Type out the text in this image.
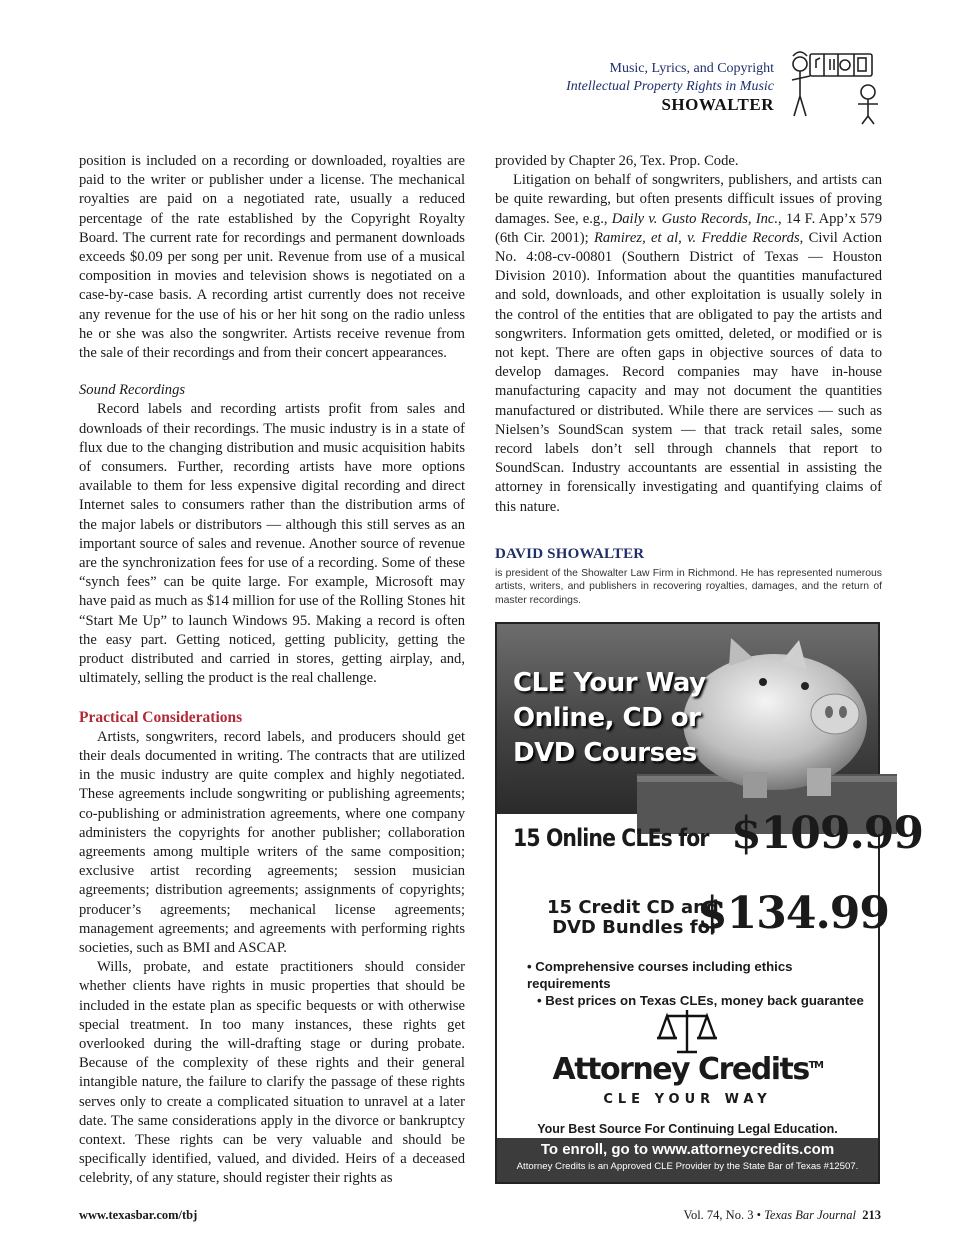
Music, Lyrics, and Copyright
Intellectual Property Rights in Music
SHOWALTER

position is included on a recording or downloaded, royalties are paid to the writer or publisher under a license. The mechanical royalties are paid on a negotiated rate, usually a reduced percentage of the rate established by the Copyright Royalty Board. The current rate for recordings and permanent downloads exceeds $0.09 per song per unit. Revenue from use of a musical composition in movies and television shows is negotiated on a case-by-case basis. A recording artist currently does not receive any revenue for the use of his or her hit song on the radio unless he or she was also the songwriter. Artists receive revenue from the sale of their recordings and from their concert appearances.

Sound Recordings

Record labels and recording artists profit from sales and downloads of their recordings. The music industry is in a state of flux due to the changing distribution and music acquisition habits of consumers. Further, recording artists have more options available to them for less expensive digital recording and direct Internet sales to consumers rather than the distribution arms of the major labels or distributors — although this still serves as an important source of sales and revenue. Another source of revenue are the synchronization fees for use of a recording. Some of these “synch fees” can be quite large. For example, Microsoft may have paid as much as $14 million for use of the Rolling Stones hit “Start Me Up” to launch Windows 95. Making a record is often the easy part. Getting noticed, getting publicity, getting the product distributed and carried in stores, getting airplay, and, ultimately, selling the product is the real challenge.

Practical Considerations

Artists, songwriters, record labels, and producers should get their deals documented in writing. The contracts that are utilized in the music industry are quite complex and highly negotiated. These agreements include songwriting or publishing agreements; co-publishing or administration agreements, where one company administers the copyrights for another publisher; collaboration agreements among multiple writers of the same composition; exclusive artist recording agreements; session musician agreements; distribution agreements; assignments of copyrights; producer’s agreements; mechanical license agreements; management agreements; and agreements with performing rights societies, such as BMI and ASCAP.

Wills, probate, and estate practitioners should consider whether clients have rights in music properties that should be included in the estate plan as specific bequests or with otherwise special treatment. In too many instances, these rights get overlooked during the will-drafting stage or during probate. Because of the complexity of these rights and their general intangible nature, the failure to clarify the passage of these rights serves only to create a complicated situation to unravel at a later date. The same considerations apply in the divorce or bankruptcy context. These rights can be very valuable and should be specifically identified, valued, and divided. Heirs of a deceased celebrity, of any stature, should register their rights as

provided by Chapter 26, Tex. Prop. Code.

Litigation on behalf of songwriters, publishers, and artists can be quite rewarding, but often presents difficult issues of proving damages. See, e.g., Daily v. Gusto Records, Inc., 14 F. App’x 579 (6th Cir. 2001); Ramirez, et al, v. Freddie Records, Civil Action No. 4:08-cv-00801 (Southern District of Texas — Houston Division 2010). Information about the quantities manufactured and sold, downloads, and other exploitation is usually solely in the control of the entities that are obligated to pay the artists and songwriters. Information gets omitted, deleted, or modified or is not kept. There are often gaps in objective sources of data to develop damages. Record companies may have in-house manufacturing capacity and may not document the quantities manufactured or distributed. While there are services — such as Nielsen’s SoundScan system — that track retail sales, some record labels don’t sell through channels that report to SoundScan. Industry accountants are essential in assisting the attorney in forensically investigating and quantifying claims of this nature.

DAVID SHOWALTER
is president of the Showalter Law Firm in Richmond. He has represented numerous artists, writers, and publishers in recovering royalties, damages, and the return of master recordings.
CLE Your Way
Online, CD or
DVD Courses
15 Online CLEs for $109.99
15 Credit CD and
DVD Bundles for
$134.99
• Comprehensive courses including ethics requirements
• Best prices on Texas CLEs, money back guarantee
Attorney Credits™
CLE YOUR WAY
Your Best Source For Continuing Legal Education.
To enroll, go to www.attorneycredits.com
Attorney Credits is an Approved CLE Provider by the State Bar of Texas #12507.
www.texasbar.com/tbj	Vol. 74, No. 3 • Texas Bar Journal 213
